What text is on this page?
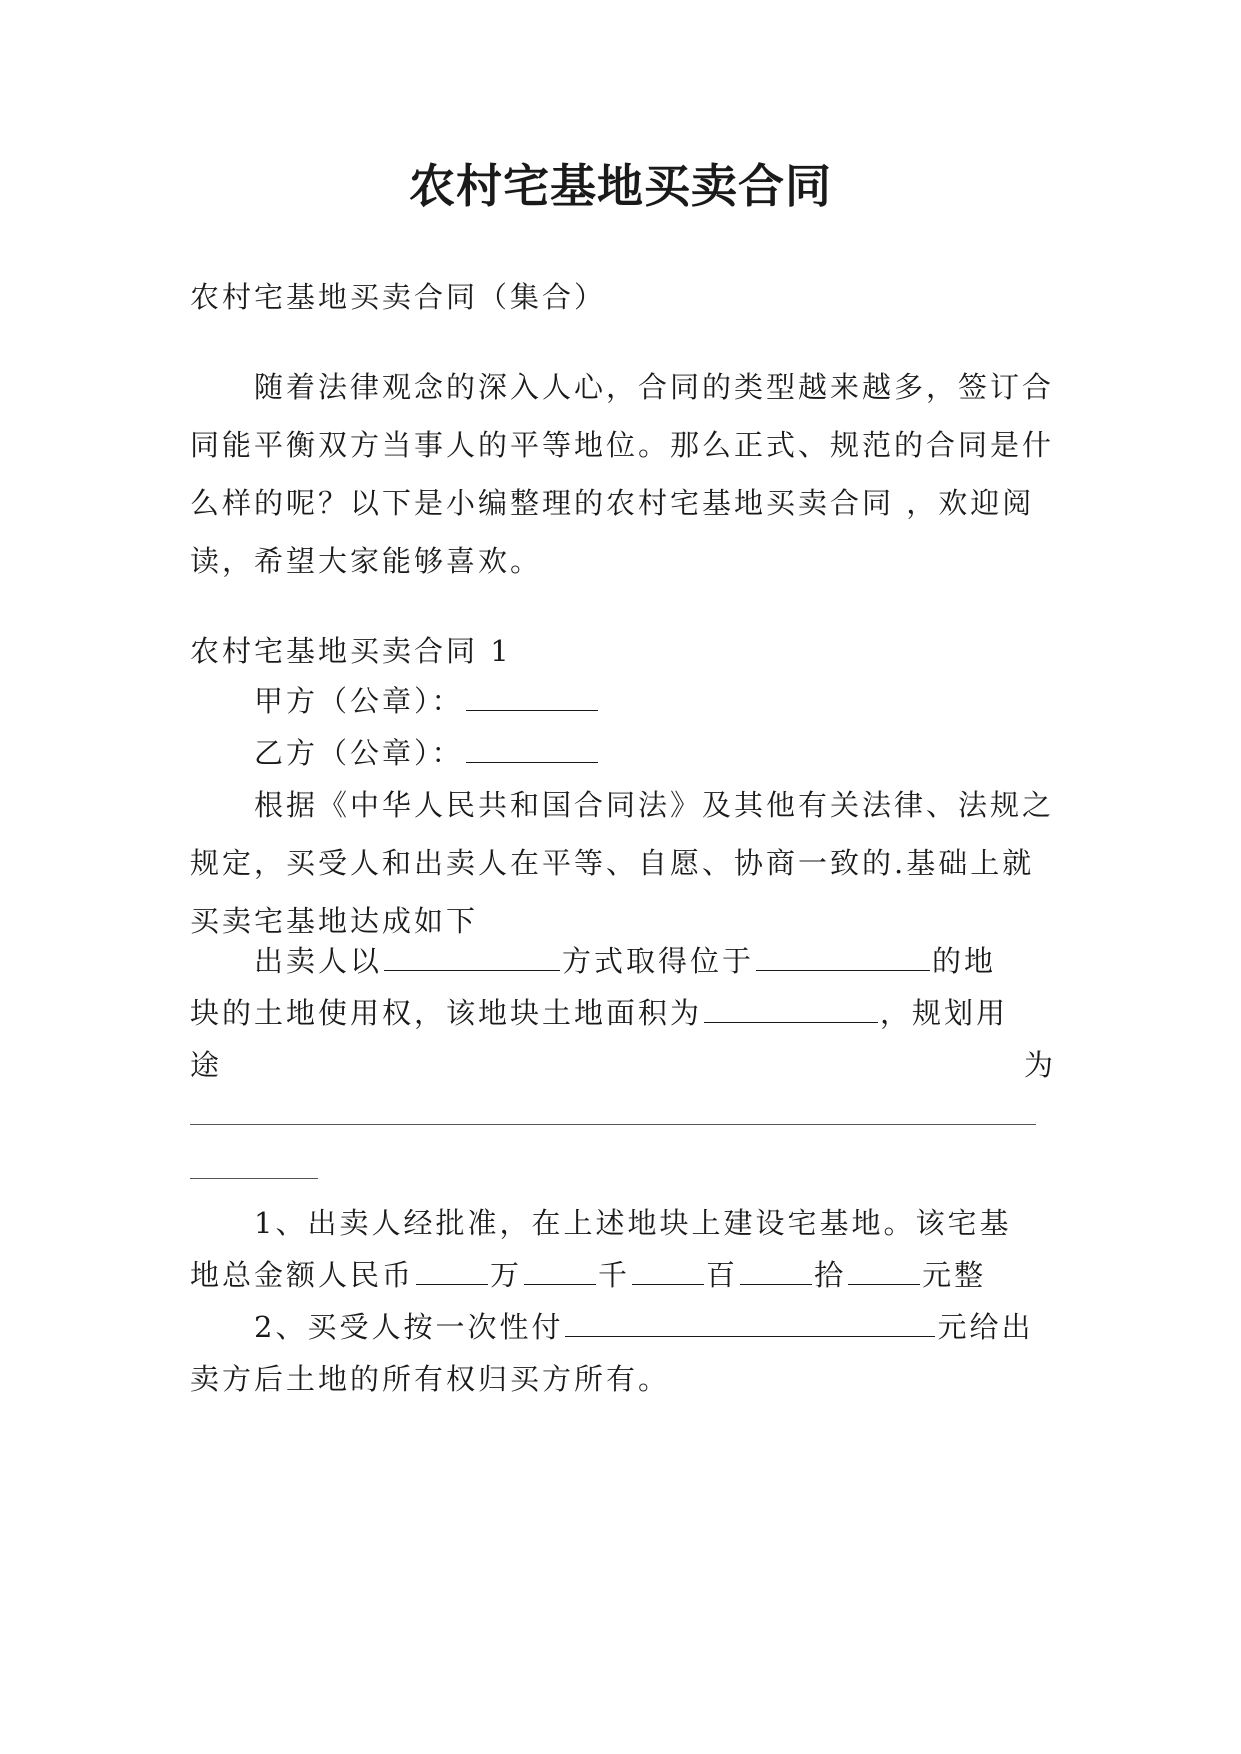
农村宅基地买卖合同

农村宅基地买卖合同（集合）

随着法律观念的深入人心，合同的类型越来越多，签订合同能平衡双方当事人的平等地位。那么正式、规范的合同是什么样的呢？以下是小编整理的农村宅基地买卖合同 ，欢迎阅读，希望大家能够喜欢。

农村宅基地买卖合同 1

甲方（公章）：

乙方（公章）：

根据《中华人民共和国合同法》及其他有关法律、法规之规定，买受人和出卖人在平等、自愿、协商一致的.基础上就买卖宅基地达成如下

出卖人以	方式取得位于	的地

块的土地使用权，该地块土地面积为	，规划用

途	为

1、出卖人经批准，在上述地块上建设宅基地。该宅基

地总金额人民币	万	千	百	拾	元整

2、买受人按一次性付	元给出

卖方后土地的所有权归买方所有。
